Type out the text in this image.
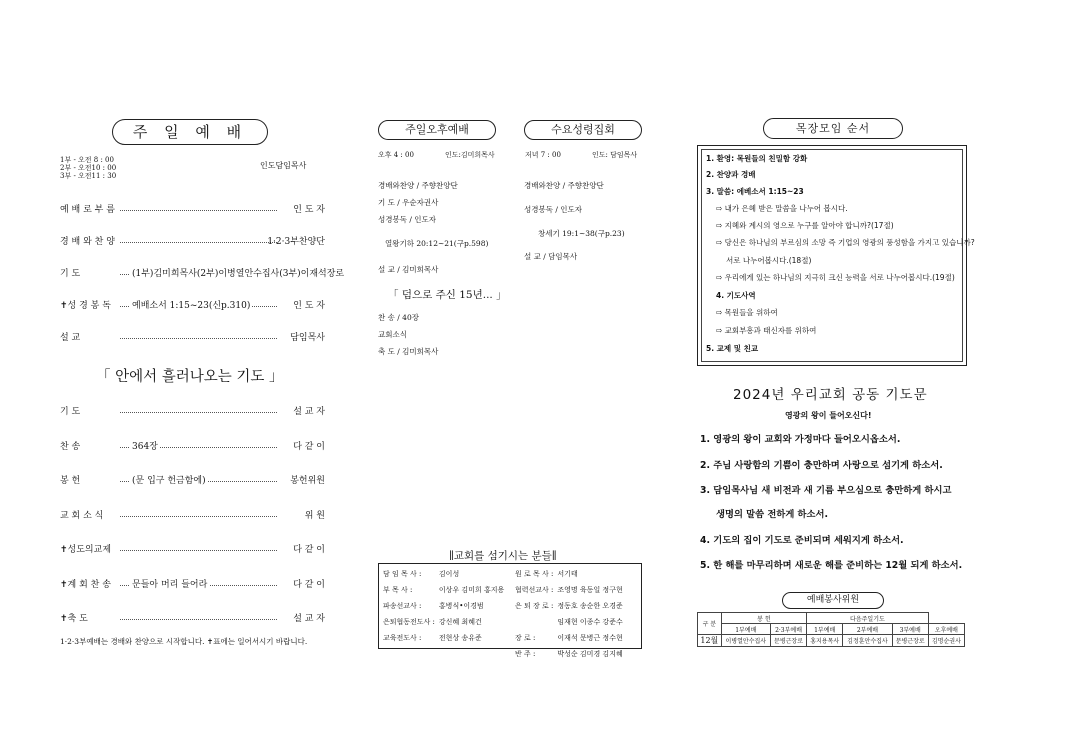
주 일 예 배
1부 - 오전 8 : 00
2부 - 오전10 : 00
3부 - 오전11 : 30
인도담임목사
예 배 로 부 름	인 도 자
경 배 와 찬 양	1·2·3부찬양단
기 도	(1부)김미희목사(2부)이병열안수집사(3부)이재석장로
✝성 경 봉 독 예배소서 1:15~23(신p.310)	인 도 자
설 교	담임목사
「 안에서 흘러나오는 기도 」
기 도	설 교 자
찬 송	364장	다 같 이
봉 헌	(문 입구 헌금함에)	봉헌위원
교 회 소 식	위 원
✝성도의교제	다 같 이
✝계 회 찬 송 문들아 머리 들어라	다 같 이
✝축 도	설 교 자
1·2·3부예배는 경배와 찬양으로 시작합니다. ✝표에는 일어서시기 바랍니다.
주일오후예배
오후 4 : 00	인도:김미희목사
경배와찬양 / 주향찬양단
기 도 / 우순자권사
성경봉독 / 인도자
열왕기하 20:12~21(구p.598)
설 교 / 김미희목사
「 덤으로 주신 15년... 」
찬 송 / 40장
교회소식
축 도 / 김미희목사
수요성령집회
저녁 7 : 00	인도: 담임목사
경배와찬양 / 주향찬양단
성경봉독 / 인도자
창세기 19:1~38(구p.23)
설 교 / 담임목사
∥교회를 섬기시는 분들∥
담 임 목 사 :	김이성
부 목 사 :	이상우 김미희 홍지용
파송선교사 :	홍병식•이경범
은퇴협동전도사 :	강신혜 최혜건
교육전도사 :	전현상 송유준
원 로 목 사 :	서기태
협력선교사 :	조영명 육동일 정구현
은 퇴 장 로 :	정동호 송순한 오경준
	임재현 이종수 강준수
장 로 :	이재석 문병근 정수현
반 주 :	박성순 김미경 김지혜
목장모임 순서
1. 환영: 목원들의 친밀함 강화
2. 찬양과 경배
3. 말씀: 에베소서 1:15~23
⇨ 내가 은혜 받은 말씀을 나누어 봅시다.
⇨ 지혜와 계시의 영으로 누구를 알아야 합니까?(17절)
⇨ 당신은 하나님의 부르심의 소망 즉 기업의 영광의 풍성함을 가지고 있습니까?
서로 나누어봅시다.(18절)
⇨ 우리에게 있는 하나님의 지극히 크신 능력을 서로 나누어봅시다.(19절)
4. 기도사역
⇨ 목원들을 위하여
⇨ 교회부흥과 태신자를 위하여
5. 교제 및 친교
2024년 우리교회 공동 기도문
영광의 왕이 들어오신다!
1. 영광의 왕이 교회와 가정마다 들어오시옵소서.
2. 주님 사랑함의 기쁨이 충만하며 사랑으로 섬기게 하소서.
3. 담임목사님 새 비전과 새 기름 부으심으로 충만하게 하시고
생명의 말씀 전하게 하소서.
4. 기도의 집이 기도로 준비되며 세워지게 하소서.
5. 한 해를 마무리하며 새로운 해를 준비하는 12월 되게 하소서.
예배봉사위원
구 분	봉 헌		다음주일기도			
	1부예배	2·3부예배	1부예배	2부예배	3부예배	오후예배
12월	이병열안수집사	문병근장로	홍지용목사	김정훈안수집사	문병근장로	김명순권사
